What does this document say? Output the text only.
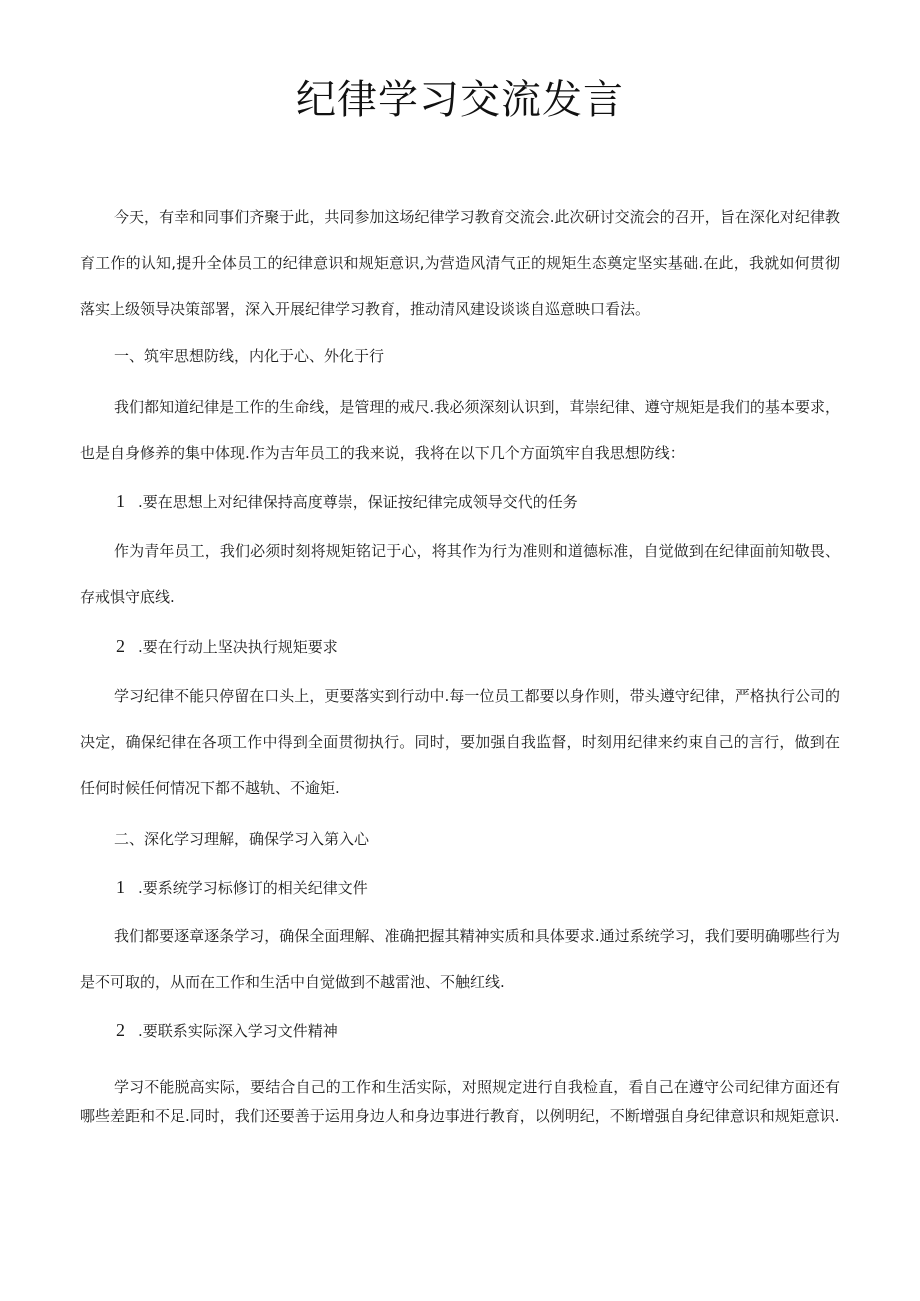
纪律学习交流发言

今天，有幸和同事们齐聚于此，共同参加这场纪律学习教育交流会.此次研讨交流会的召开，旨在深化对纪律教育工作的认知,提升全体员工的纪律意识和规矩意识,为营造风清气正的规矩生态奠定坚实基础.在此，我就如何贯彻落实上级领导决策部署，深入开展纪律学习教育，推动清风建设谈谈自巡意映口看法。

一、筑牢思想防线，内化于心、外化于行

我们都知道纪律是工作的生命线，是管理的戒尺.我必须深刻认识到，茸崇纪律、遵守规矩是我们的基本要求，也是自身修养的集中体现.作为吉年员工的我来说，我将在以下几个方面筑牢自我思想防线：

1 .要在思想上对纪律保持高度尊崇，保证按纪律完成领导交代的任务

作为青年员工，我们必须时刻将规矩铭记于心，将其作为行为准则和道德标准，自觉做到在纪律面前知敬畏、存戒惧守底线.

2 .要在行动上坚决执行规矩要求

学习纪律不能只停留在口头上，更要落实到行动中.每一位员工都要以身作则，带头遵守纪律，严格执行公司的决定，确保纪律在各项工作中得到全面贯彻执行。同时，要加强自我监督，时刻用纪律来约束自己的言行，做到在任何时候任何情况下都不越轨、不逾矩.

二、深化学习理解，确保学习入第入心

1 .要系统学习标修订的相关纪律文件

我们都要逐章逐条学习，确保全面理解、准确把握其精神实质和具体要求.通过系统学习，我们要明确哪些行为是不可取的，从而在工作和生活中自觉做到不越雷池、不触红线.

2 .要联系实际深入学习文件精神

学习不能脱高实际，要结合自己的工作和生活实际，对照规定进行自我检直，看自己在遵守公司纪律方面还有哪些差距和不足.同时，我们还要善于运用身边人和身边事进行教育，以例明纪，不断增强自身纪律意识和规矩意识.
